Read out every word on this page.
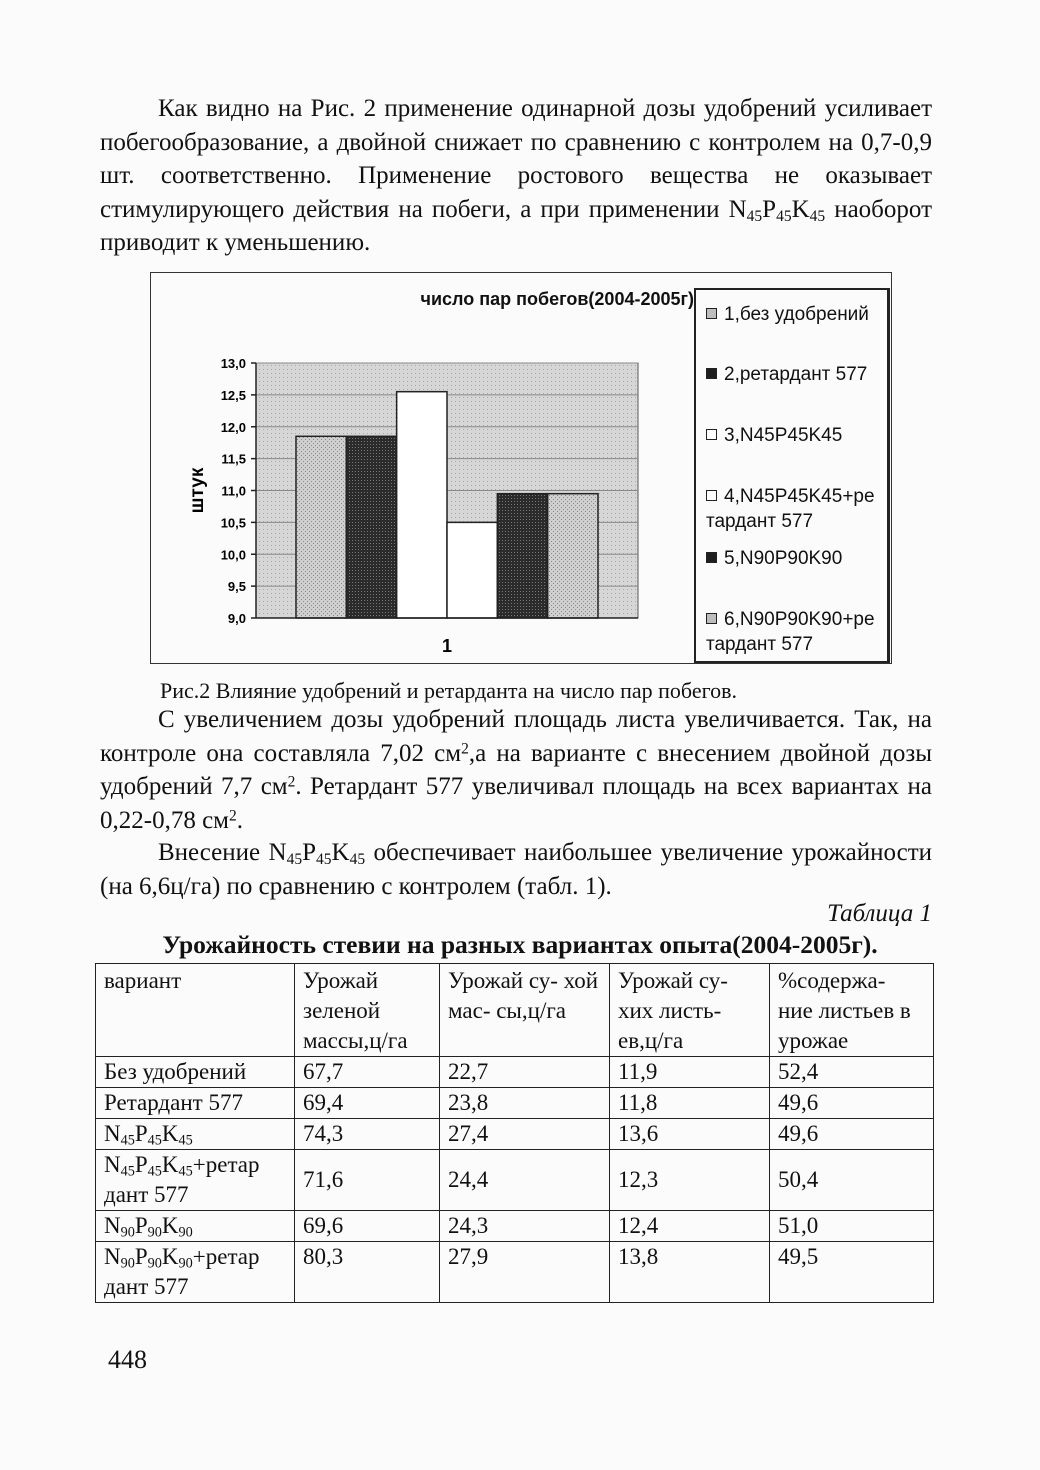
Как видно на Рис. 2 применение одинарной дозы удобрений усиливает побегообразование, а двойной снижает по сравнению с контролем на 0,7-0,9 шт. соответственно. Применение ростового вещества не оказывает стимулирующего действия на побеги, а при применении $N_{45}P_{45}K_{45}$ наоборот приводит к уменьшению.

9,0
9,5
10,0
10,5
11,0
11,5
12,0
12,5
13,0
штук
1
число пар побегов(2004-2005г)
1,без удобрений
2,ретардант 577
3,N45P45K45
4,N45P45K45+ре тардант 577
5,N90P90K90
6,N90P90K90+ре тардант 577

Рис.2 Влияние удобрений и ретарданта на число пар побегов.

С увеличением дозы удобрений площадь листа увеличивается. Так, на контроле она составляла 7,02 $см^2,а$ на варианте с внесением двойной дозы удобрений 7,7 $см^2$. Ретардант 577 увеличивал площадь на всех вариантах на 0,22-0,78 $см^2$.

Внесение $N_{45}P_{45}K_{45}$ обеспечивает наибольшее увеличение урожайности (на 6,6ц/га) по сравнению с контролем (табл. 1).

Таблица 1

Урожайность стевии на разных вариантах опыта(2004-2005г).

вариант	Урожай зеленой массы,ц/га	Урожай су- хой мас- сы,ц/га	Урожай су- хих листь- ев,ц/га	%содержа- ние листьев в урожае
Без удобрений	67,7	22,7	11,9	52,4
Ретардант 577	69,4	23,8	11,8	49,6
$N_{45}P_{45}K_{45}$	74,3	27,4	13,6	49,6
$N_{45}P_{45}K_{45}+ретар$ дант 577	71,6	24,4	12,3	50,4
$N_{90}P_{90}K_{90}$	69,6	24,3	12,4	51,0
$N_{90}P_{90}K_{90}+ретар$ дант 577	80,3	27,9	13,8	49,5

448
